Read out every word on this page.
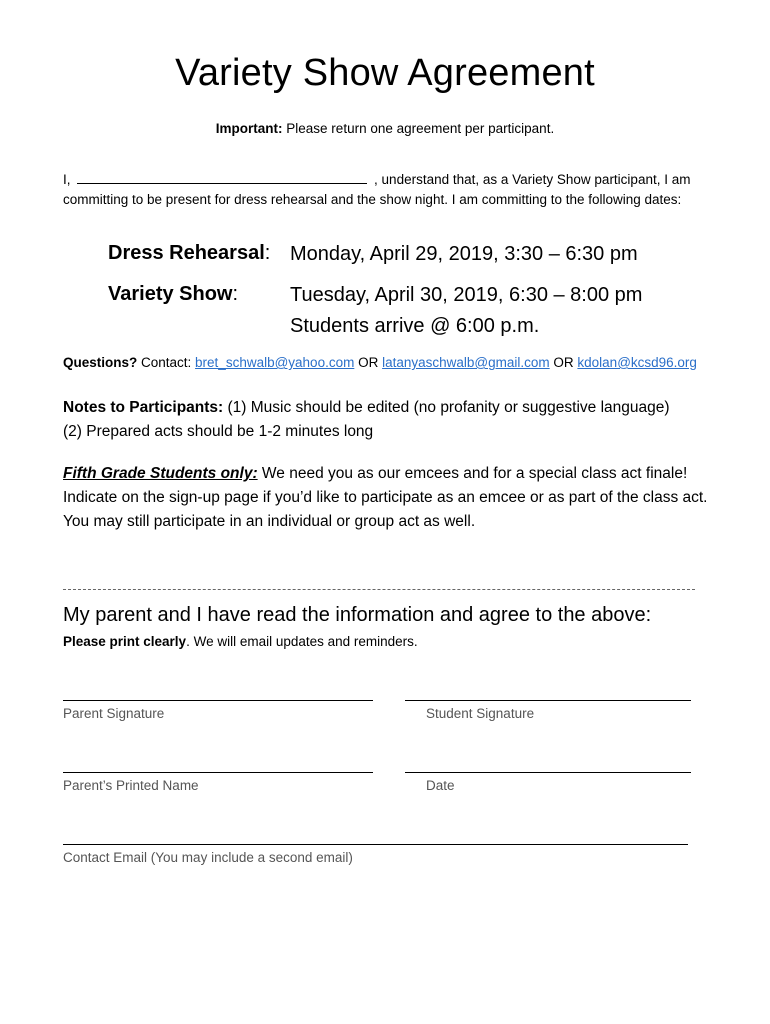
Variety Show Agreement
Important: Please return one agreement per participant.
I,	, understand that, as a Variety Show participant, I am committing to be present for dress rehearsal and the show night. I am committing to the following dates:
Dress Rehearsal: Monday, April 29, 2019, 3:30 – 6:30 pm
Variety Show:	Tuesday, April 30, 2019, 6:30 – 8:00 pm
Students arrive @ 6:00 p.m.
Questions? Contact: bret_schwalb@yahoo.com OR latanyaschwalb@gmail.com OR kdolan@kcsd96.org
Notes to Participants: (1) Music should be edited (no profanity or suggestive language)
(2) Prepared acts should be 1-2 minutes long
Fifth Grade Students only: We need you as our emcees and for a special class act finale! Indicate on the sign-up page if you’d like to participate as an emcee or as part of the class act. You may still participate in an individual or group act as well.
My parent and I have read the information and agree to the above:
Please print clearly. We will email updates and reminders.
Parent Signature	Student Signature
Parent’s Printed Name	Date
Contact Email (You may include a second email)
